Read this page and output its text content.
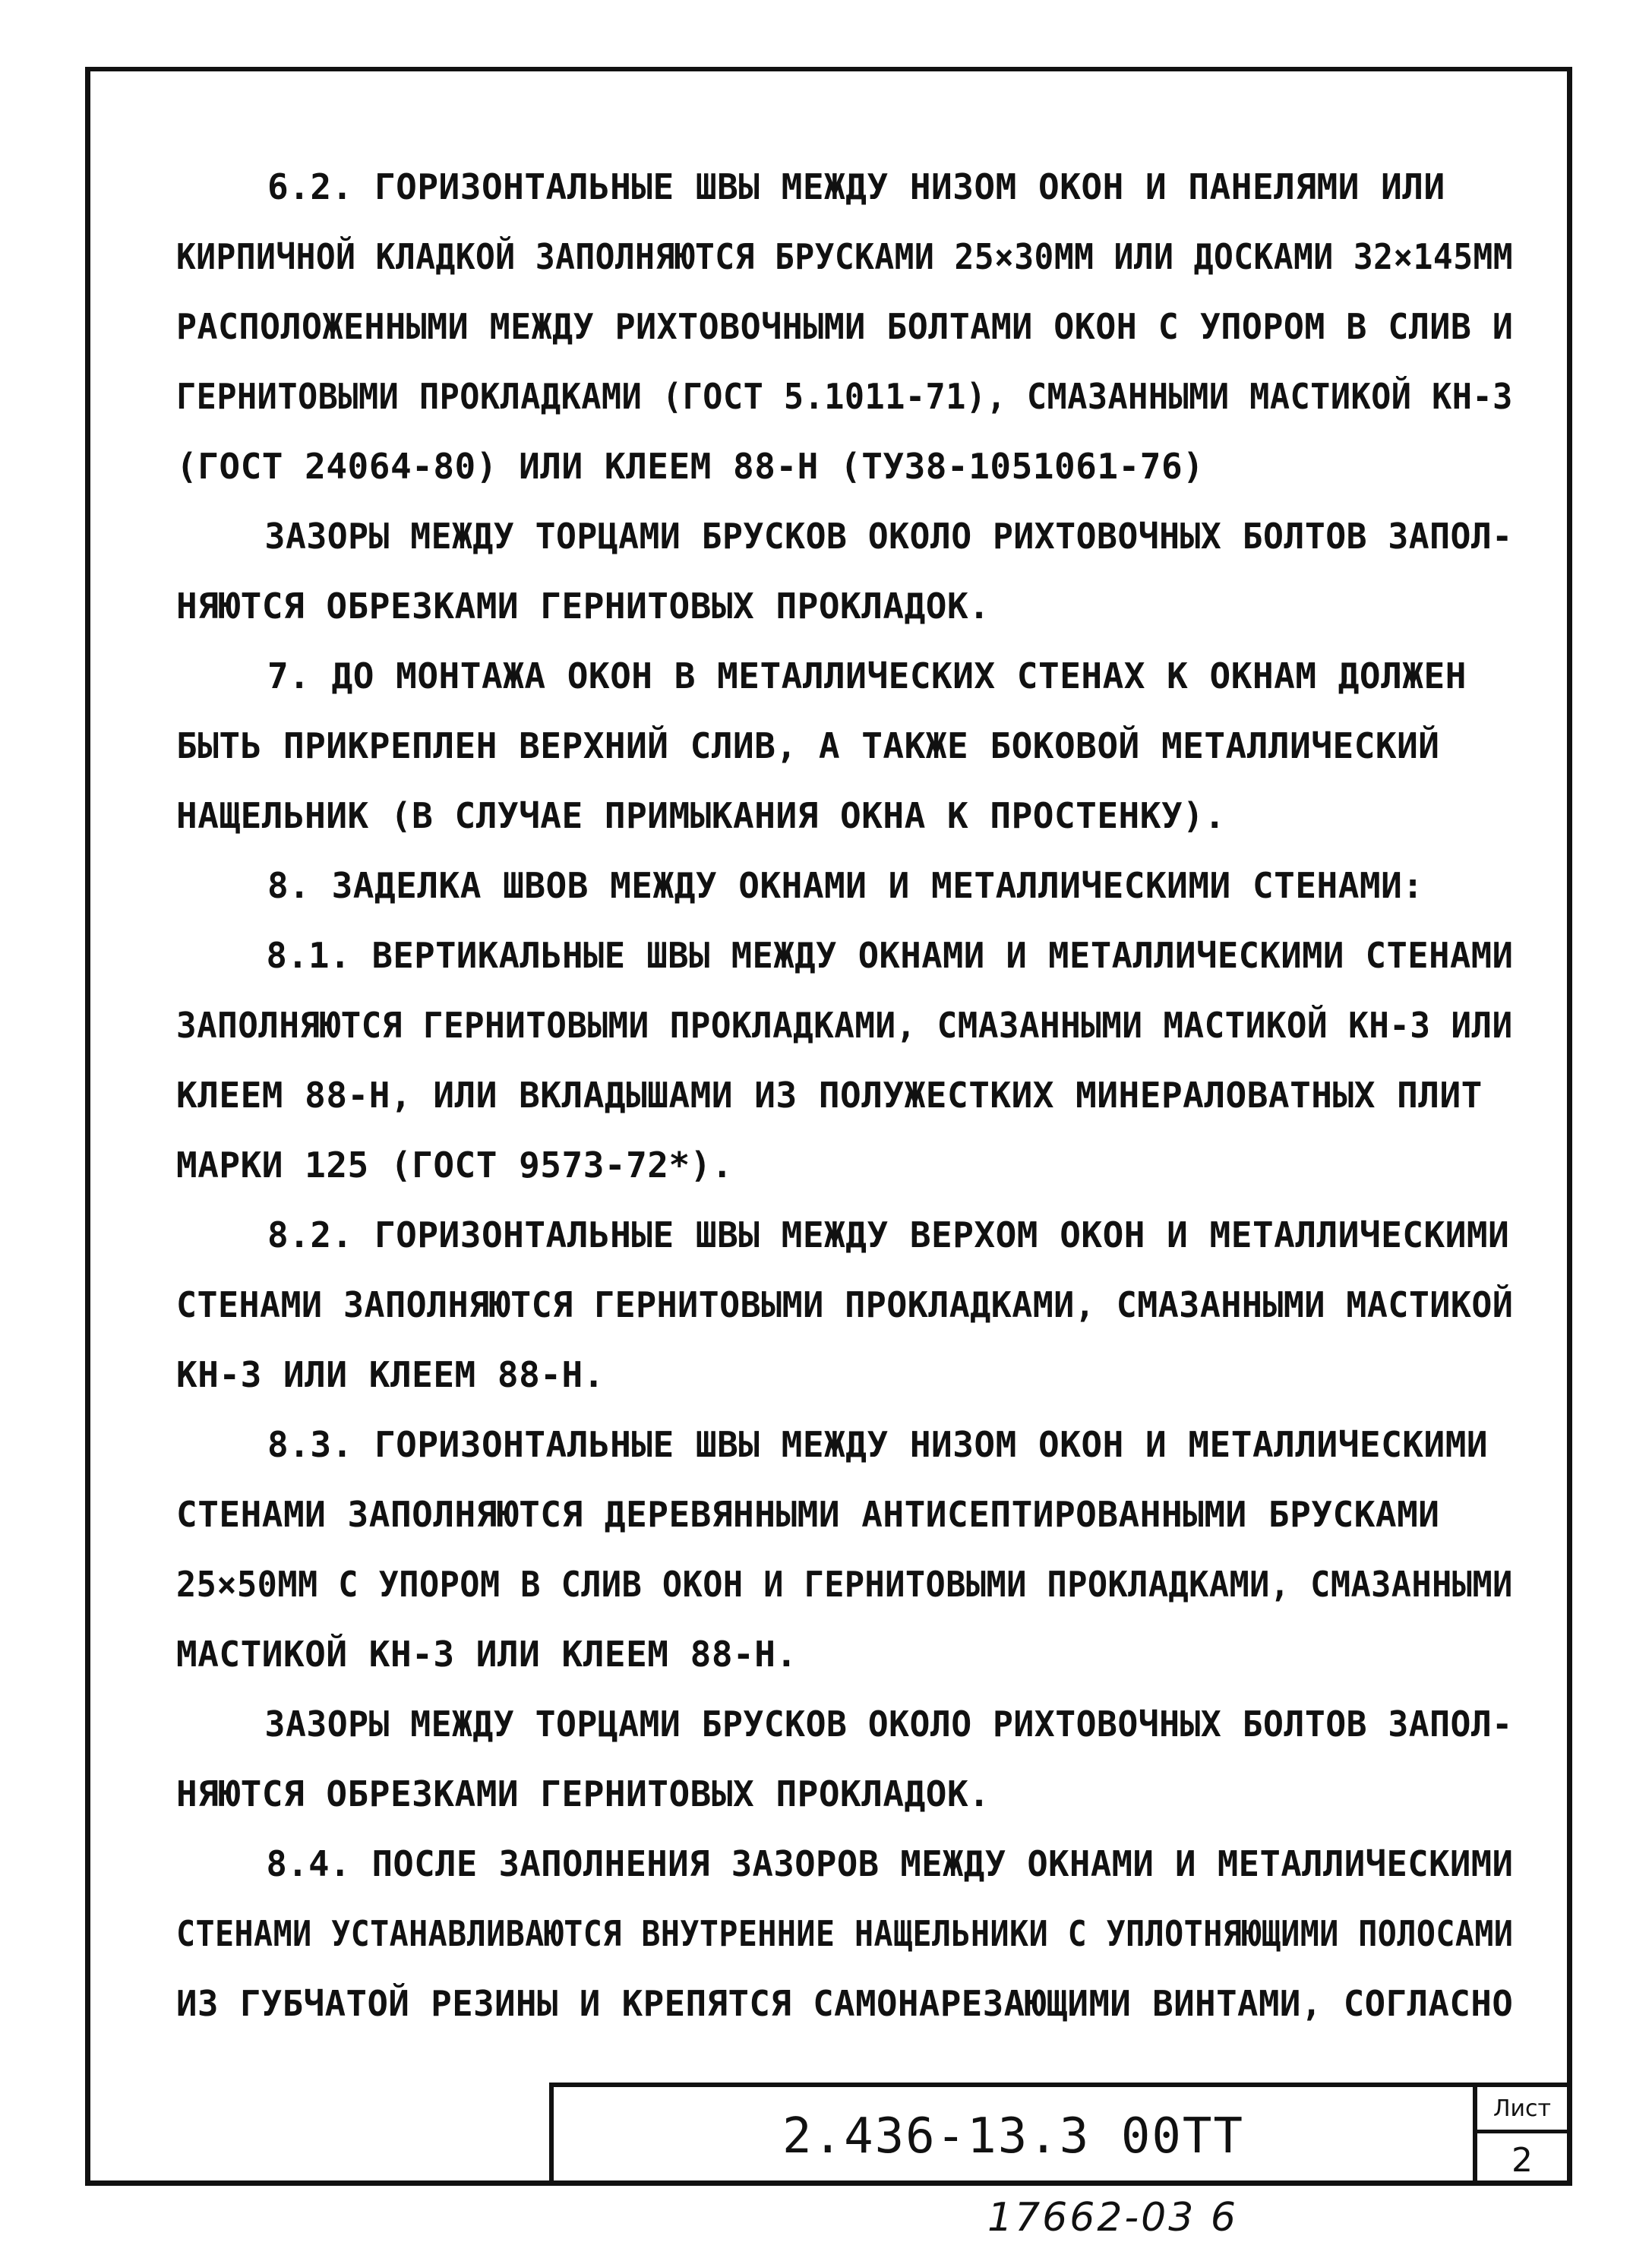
6.2. ГОРИЗОНТАЛЬНЫЕ ШВЫ МЕЖДУ НИЗОМ ОКОН И ПАНЕЛЯМИ ИЛИ
КИРПИЧНОЙ КЛАДКОЙ ЗАПОЛНЯЮТСЯ БРУСКАМИ 25×30ММ ИЛИ ДОСКАМИ 32×145ММ
РАСПОЛОЖЕННЫМИ МЕЖДУ РИХТОВОЧНЫМИ БОЛТАМИ ОКОН С УПОРОМ В СЛИВ И
ГЕРНИТОВЫМИ ПРОКЛАДКАМИ (ГОСТ 5.1011-71), СМАЗАННЫМИ МАСТИКОЙ КН-3
(ГОСТ 24064-80) ИЛИ КЛЕЕМ 88-Н (ТУ38-1051061-76)
ЗАЗОРЫ МЕЖДУ ТОРЦАМИ БРУСКОВ ОКОЛО РИХТОВОЧНЫХ БОЛТОВ ЗАПОЛ-
НЯЮТСЯ ОБРЕЗКАМИ ГЕРНИТОВЫХ ПРОКЛАДОК.
7. ДО МОНТАЖА ОКОН В МЕТАЛЛИЧЕСКИХ СТЕНАХ К ОКНАМ ДОЛЖЕН
БЫТЬ ПРИКРЕПЛЕН ВЕРХНИЙ СЛИВ, А ТАКЖЕ БОКОВОЙ МЕТАЛЛИЧЕСКИЙ
НАЩЕЛЬНИК (В СЛУЧАЕ ПРИМЫКАНИЯ ОКНА К ПРОСТЕНКУ).
8. ЗАДЕЛКА ШВОВ МЕЖДУ ОКНАМИ И МЕТАЛЛИЧЕСКИМИ СТЕНАМИ:
8.1. ВЕРТИКАЛЬНЫЕ ШВЫ МЕЖДУ ОКНАМИ И МЕТАЛЛИЧЕСКИМИ СТЕНАМИ
ЗАПОЛНЯЮТСЯ ГЕРНИТОВЫМИ ПРОКЛАДКАМИ, СМАЗАННЫМИ МАСТИКОЙ КН-3 ИЛИ
КЛЕЕМ 88-Н, ИЛИ ВКЛАДЫШАМИ ИЗ ПОЛУЖЕСТКИХ МИНЕРАЛОВАТНЫХ ПЛИТ
МАРКИ 125 (ГОСТ 9573-72*).
8.2. ГОРИЗОНТАЛЬНЫЕ ШВЫ МЕЖДУ ВЕРХОМ ОКОН И МЕТАЛЛИЧЕСКИМИ
СТЕНАМИ ЗАПОЛНЯЮТСЯ ГЕРНИТОВЫМИ ПРОКЛАДКАМИ, СМАЗАННЫМИ МАСТИКОЙ
КН-3 ИЛИ КЛЕЕМ 88-Н.
8.3. ГОРИЗОНТАЛЬНЫЕ ШВЫ МЕЖДУ НИЗОМ ОКОН И МЕТАЛЛИЧЕСКИМИ
СТЕНАМИ ЗАПОЛНЯЮТСЯ ДЕРЕВЯННЫМИ АНТИСЕПТИРОВАННЫМИ БРУСКАМИ
25×50ММ С УПОРОМ В СЛИВ ОКОН И ГЕРНИТОВЫМИ ПРОКЛАДКАМИ, СМАЗАННЫМИ
МАСТИКОЙ КН-3 ИЛИ КЛЕЕМ 88-Н.
ЗАЗОРЫ МЕЖДУ ТОРЦАМИ БРУСКОВ ОКОЛО РИХТОВОЧНЫХ БОЛТОВ ЗАПОЛ-
НЯЮТСЯ ОБРЕЗКАМИ ГЕРНИТОВЫХ ПРОКЛАДОК.
8.4. ПОСЛЕ ЗАПОЛНЕНИЯ ЗАЗОРОВ МЕЖДУ ОКНАМИ И МЕТАЛЛИЧЕСКИМИ
СТЕНАМИ УСТАНАВЛИВАЮТСЯ ВНУТРЕННИЕ НАЩЕЛЬНИКИ С УПЛОТНЯЮЩИМИ ПОЛОСАМИ
ИЗ ГУБЧАТОЙ РЕЗИНЫ И КРЕПЯТСЯ САМОНАРЕЗАЮЩИМИ ВИНТАМИ, СОГЛАСНО
2.436-13.3 00ТТ	Лист
2
17662-03 6
